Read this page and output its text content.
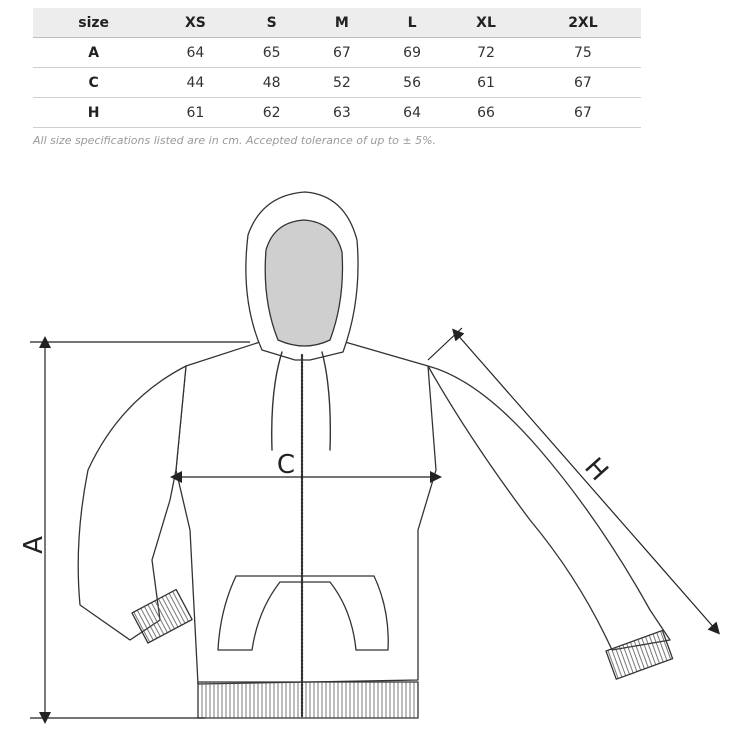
size	XS	S	M	L	XL	2XL
A	64	65	67	69	72	75
C	44	48	52	56	61	67
H	61	62	63	64	66	67
All size specifications listed are in cm. Accepted tolerance of up to ± 5%.
A
C	H
